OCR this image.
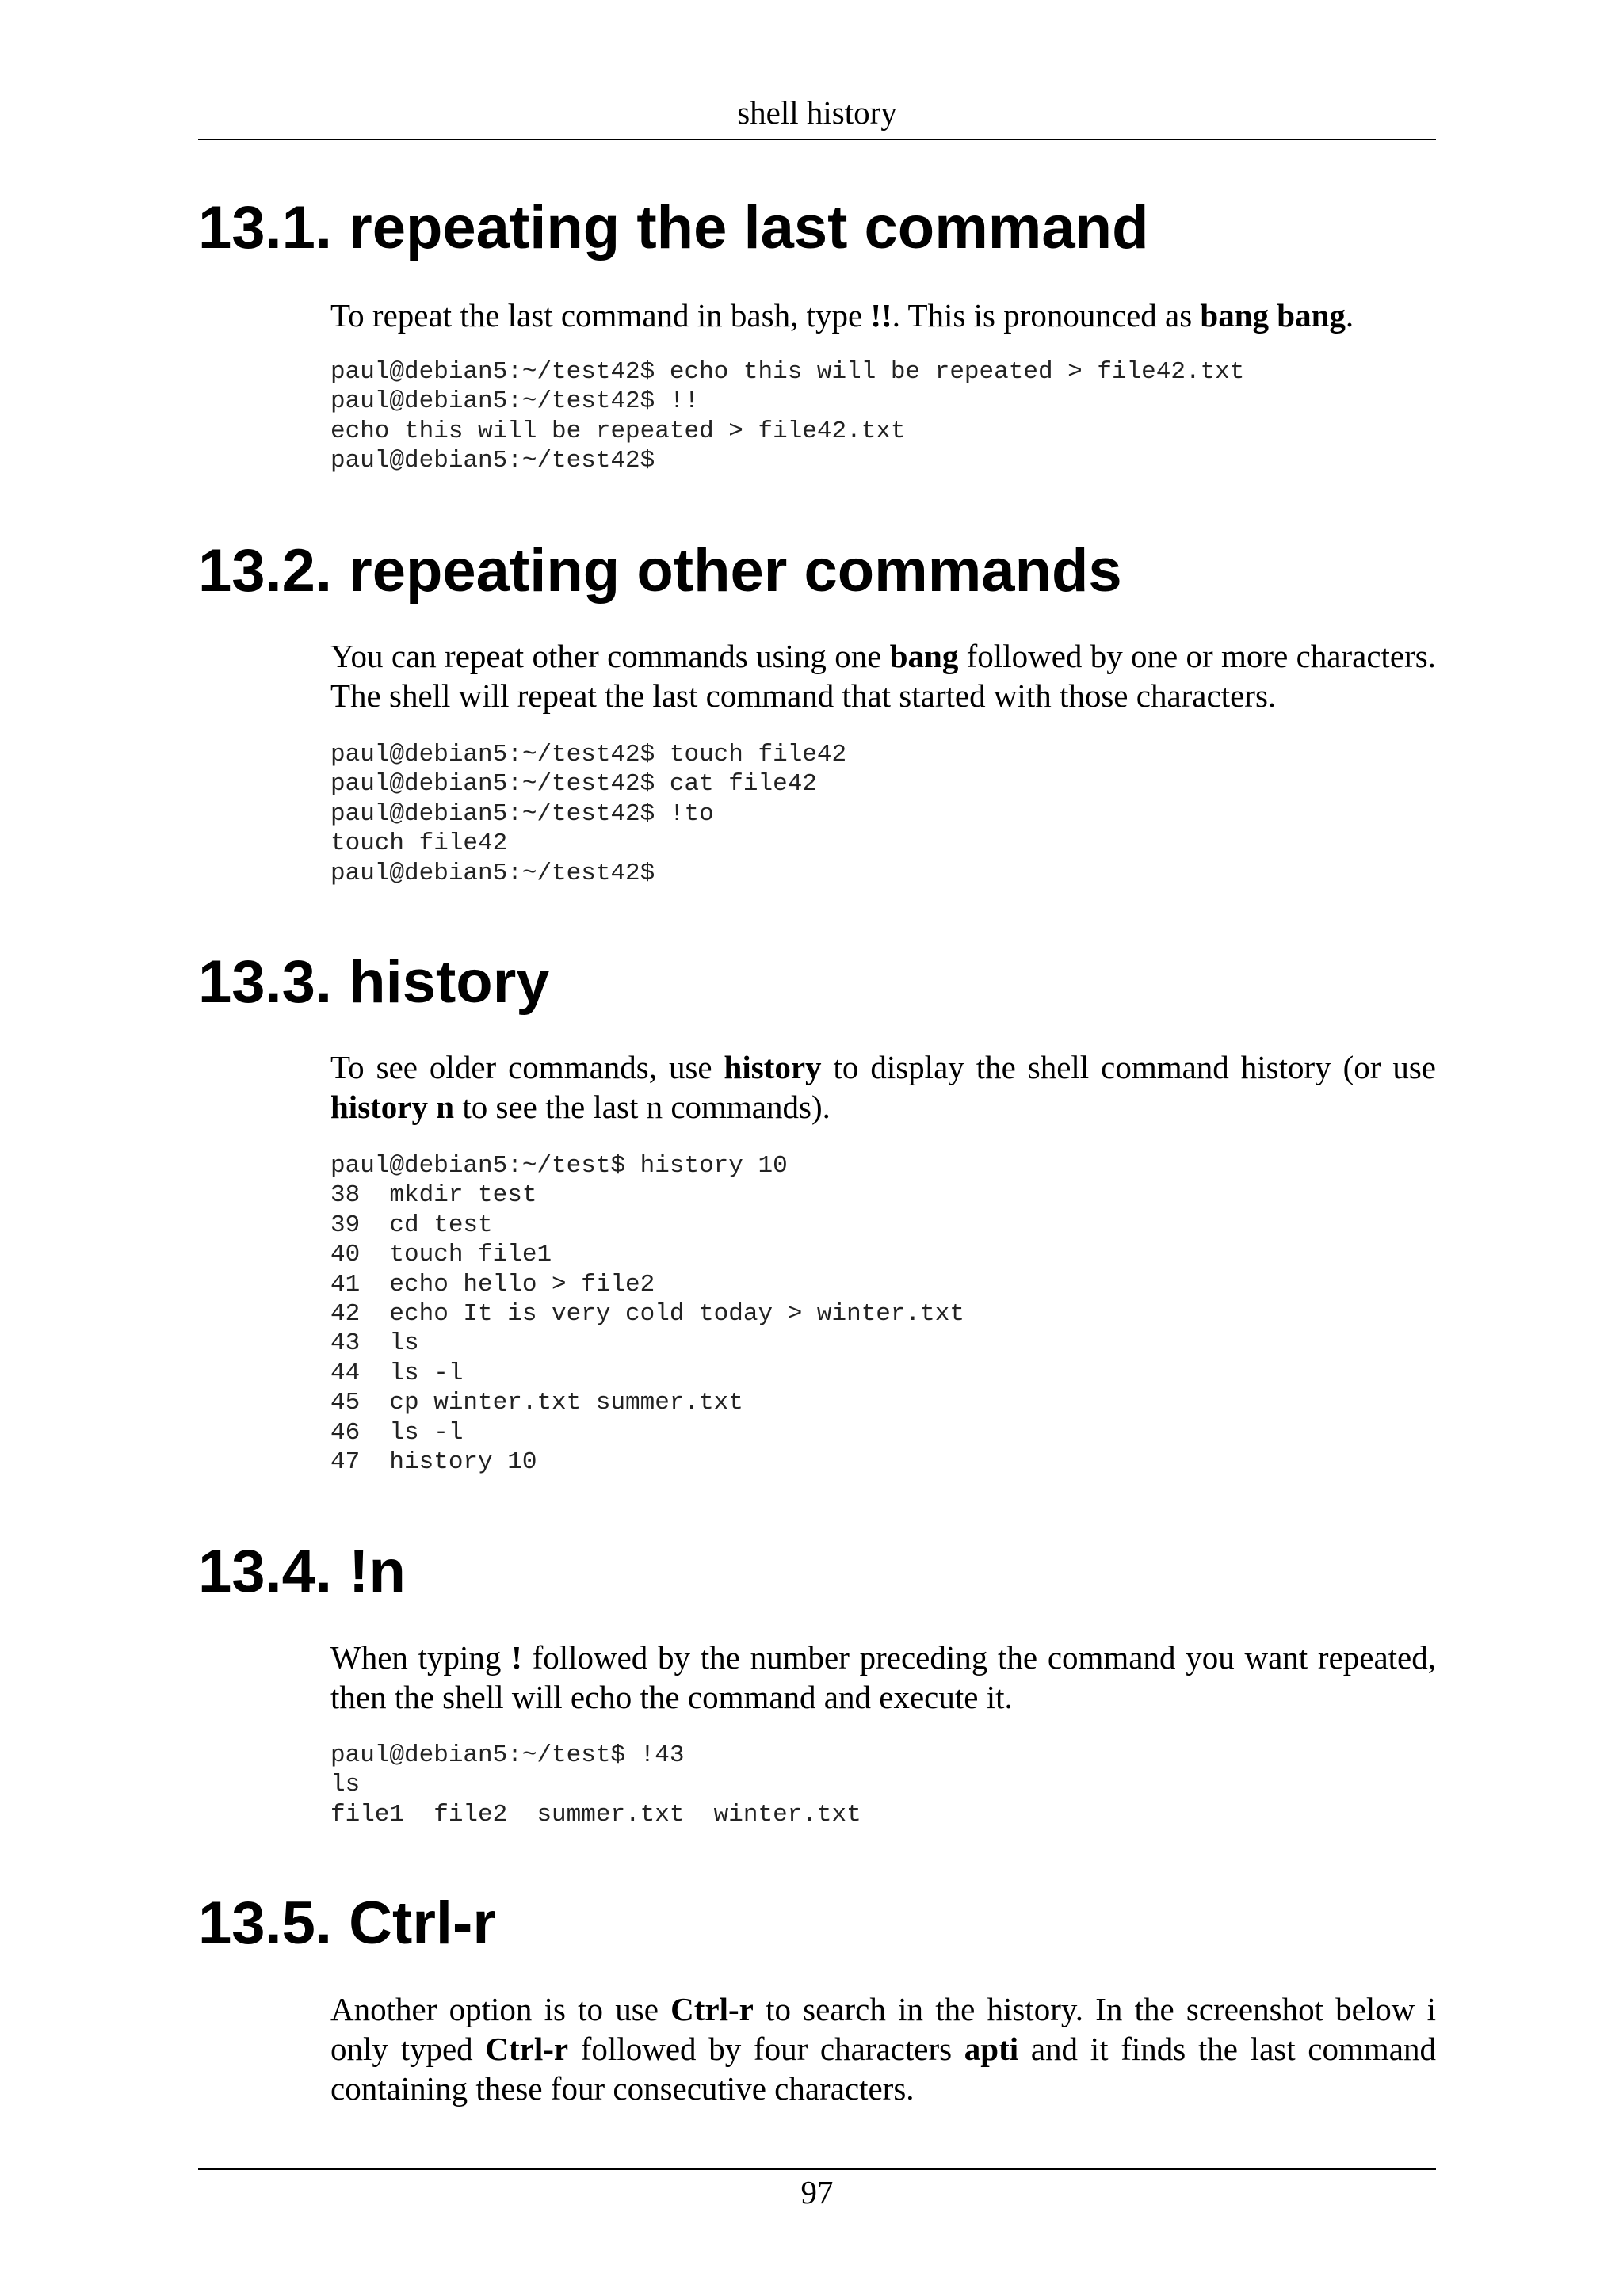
shell history
13.1. repeating the last command

To repeat the last command in bash, type !!. This is pronounced as bang bang.

paul@debian5:~/test42$ echo this will be repeated > file42.txt
paul@debian5:~/test42$ !!
echo this will be repeated > file42.txt
paul@debian5:~/test42$
13.2. repeating other commands

You can repeat other commands using one bang followed by one or more characters. The shell will repeat the last command that started with those characters.

paul@debian5:~/test42$ touch file42
paul@debian5:~/test42$ cat file42
paul@debian5:~/test42$ !to
touch file42
paul@debian5:~/test42$
13.3. history

To see older commands, use history to display the shell command history (or use history n to see the last n commands).

paul@debian5:~/test$ history 10
38  mkdir test
39  cd test
40  touch file1
41  echo hello > file2
42  echo It is very cold today > winter.txt
43  ls
44  ls -l
45  cp winter.txt summer.txt
46  ls -l
47  history 10
13.4. !n

When typing ! followed by the number preceding the command you want repeated, then the shell will echo the command and execute it.

paul@debian5:~/test$ !43
ls
file1  file2  summer.txt  winter.txt
13.5. Ctrl-r

Another option is to use Ctrl-r to search in the history. In the screenshot below i only typed Ctrl-r followed by four characters apti and it finds the last command containing these four consecutive characters.

97
